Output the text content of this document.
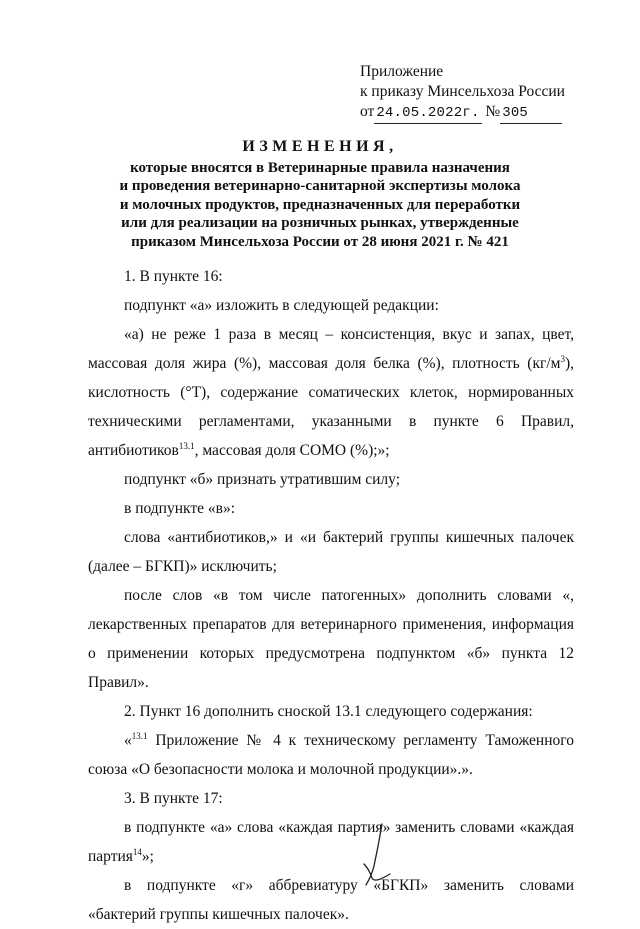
Приложение
к приказу Минсельхоза России
от 24.05.2022г. № 305
ИЗМЕНЕНИЯ,
которые вносятся в Ветеринарные правила назначения
и проведения ветеринарно-санитарной экспертизы молока
и молочных продуктов, предназначенных для переработки
или для реализации на розничных рынках, утвержденные
приказом Минсельхоза России от 28 июня 2021 г. № 421
1. В пункте 16:
подпункт «а» изложить в следующей редакции:
«а) не реже 1 раза в месяц – консистенция, вкус и запах, цвет, массовая доля жира (%), массовая доля белка (%), плотность $(кг/м^3)$, кислотность (°Т), содержание соматических клеток, нормированных техническими регламентами, указанными в пункте 6 Правил, антибиотиков$^{13.1}$, массовая доля СОМО (%);»;
подпункт «б» признать утратившим силу;
в подпункте «в»:
слова «антибиотиков,» и «и бактерий группы кишечных палочек (далее – БГКП)» исключить;
после слов «в том числе патогенных» дополнить словами «, лекарственных препаратов для ветеринарного применения, информация о применении которых предусмотрена подпунктом «б» пункта 12 Правил».
2. Пункт 16 дополнить сноской 13.1 следующего содержания:
«$^{13.1}$ Приложение № 4 к техническому регламенту Таможенного союза «О безопасности молока и молочной продукции».».
3. В пункте 17:
в подпункте «а» слова «каждая партия» заменить словами «каждая партия$^{14}$»;
в подпункте «г» аббревиатуру «БГКП» заменить словами «бактерий группы кишечных палочек».
